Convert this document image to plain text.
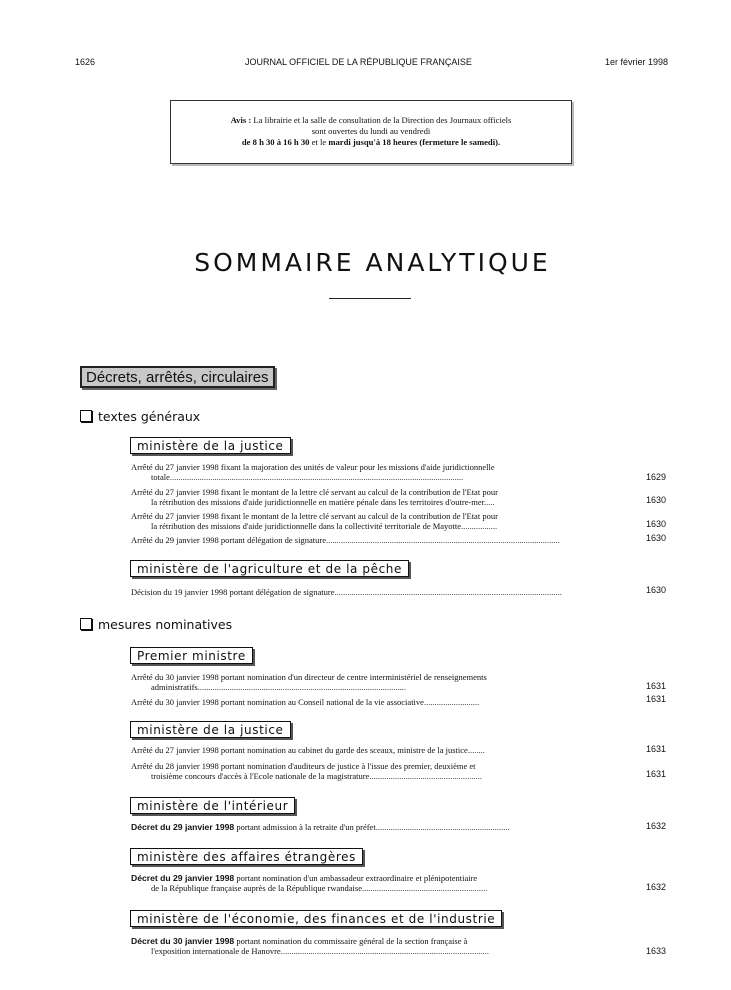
1626	JOURNAL OFFICIEL DE LA RÉPUBLIQUE FRANÇAISE	1er février 1998
Avis : La librairie et la salle de consultation de la Direction des Journaux officiels
sont ouvertes du lundi au vendredi
de 8 h 30 à 16 h 30 et le mardi jusqu'à 18 heures (fermeture le samedi).
SOMMAIRE ANALYTIQUE
Décrets, arrêtés, circulaires
textes généraux
ministère de la justice
Arrêté du 27 janvier 1998 fixant la majoration des unités de valeur pour les missions d'aide juridictionnelle
totale..........................................................................................................................................	1629
Arrêté du 27 janvier 1998 fixant le montant de la lettre clé servant au calcul de la contribution de l'Etat pour
la rétribution des missions d'aide juridictionnelle en matière pénale dans les territoires d'outre-mer.....	1630
Arrêté du 27 janvier 1998 fixant le montant de la lettre clé servant au calcul de la contribution de l'Etat pour
la rétribution des missions d'aide juridictionnelle dans la collectivité territoriale de Mayotte.................	1630
Arrêté du 29 janvier 1998 portant délégation de signature..............................................................................................................	1630
ministère de l'agriculture et de la pêche
Décision du 19 janvier 1998 portant délégation de signature...........................................................................................................	1630
mesures nominatives
Premier ministre
Arrêté du 30 janvier 1998 portant nomination d'un directeur de centre interministériel de renseignements
administratifs..................................................................................................	1631
Arrêté du 30 janvier 1998 portant nomination au Conseil national de la vie associative..........................	1631
ministère de la justice
Arrêté du 27 janvier 1998 portant nomination au cabinet du garde des sceaux, ministre de la justice........	1631
Arrêté du 28 janvier 1998 portant nomination d'auditeurs de justice à l'issue des premier, deuxième et
troisième concours d'accès à l'Ecole nationale de la magistrature.....................................................	1631
ministère de l'intérieur
Décret du 29 janvier 1998 portant admission à la retraite d'un préfet...............................................................	1632
ministère des affaires étrangères
Décret du 29 janvier 1998 portant nomination d'un ambassadeur extraordinaire et plénipotentiaire
de la République française auprès de la République rwandaise...........................................................	1632
ministère de l'économie, des finances et de l'industrie
Décret du 30 janvier 1998 portant nomination du commissaire général de la section française à
l'exposition internationale de Hanovre..................................................................................................	1633
